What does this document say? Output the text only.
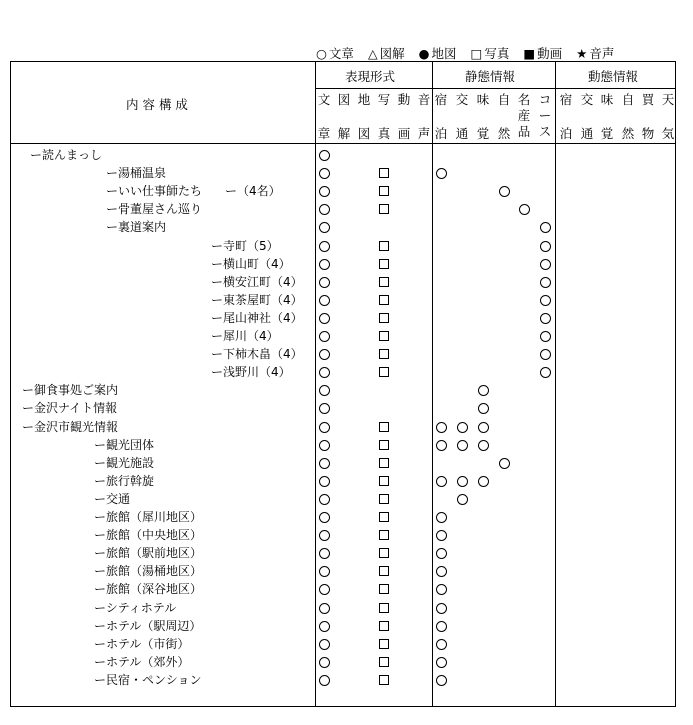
○ 文章 △ 図解 ● 地図 □ 写真 ■ 動画 ★ 音声
内 容 構 成
表現形式	静態情報	動態情報
文
章
図
解
地
図
写
真
動
画
音
声
宿
泊
交
通
味
覚
自
然
名
産
品
コ
ー
ス
宿
泊
交
通
味
覚
自
然
買
物
天
気
ー読んまっし
ー湯桶温泉
ーいい仕事師たち ー（4名）
ー骨董屋さん巡り
ー裏道案内
ー寺町（5）
ー横山町（4）
ー横安江町（4）
ー東茶屋町（4）
ー尾山神社（4）
ー犀川（4）
ー下柿木畠（4）
ー浅野川（4）
ー御食事処ご案内
ー金沢ナイト情報
ー金沢市観光情報
ー観光団体
ー観光施設
ー旅行斡旋
ー交通
ー旅館（犀川地区）
ー旅館（中央地区）
ー旅館（駅前地区）
ー旅館（湯桶地区）
ー旅館（深谷地区）
ーシティホテル
ーホテル（駅周辺）
ーホテル（市街）
ーホテル（郊外）
ー民宿・ペンション
